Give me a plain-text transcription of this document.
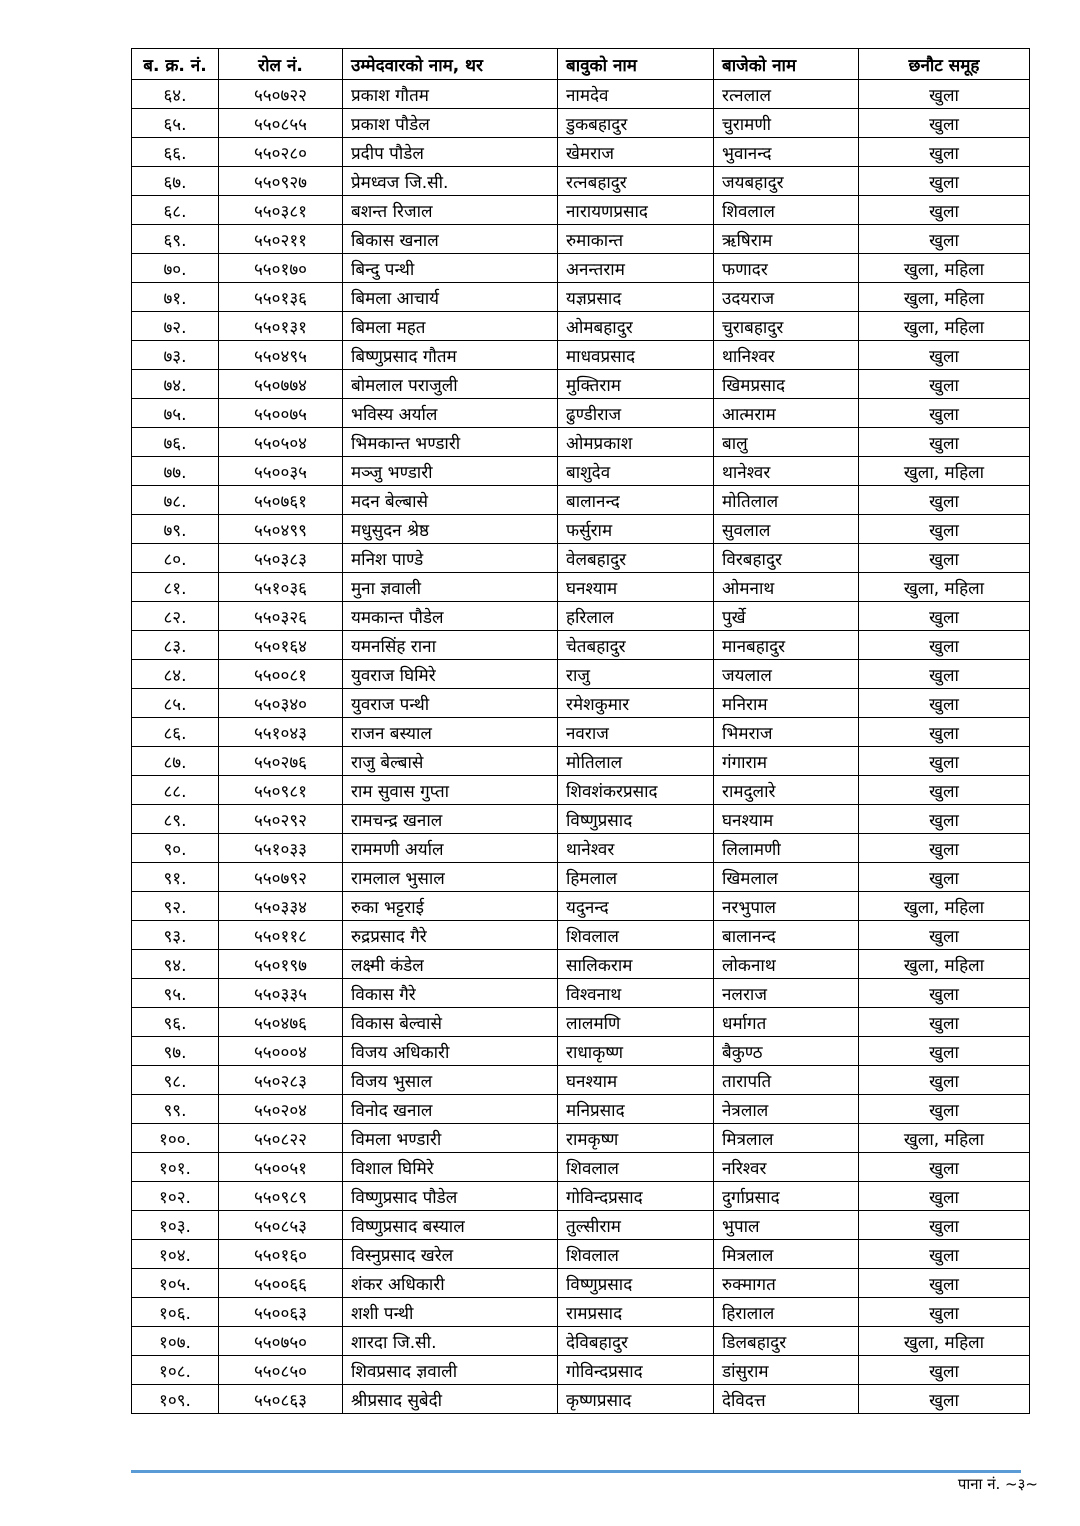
ब. क्र. नं.	रोल नं.	उम्मेदवारको नाम, थर	बावुको नाम	बाजेको नाम	छनौट समूह
६४.	५५०७२२	प्रकाश गौतम	नामदेव	रत्नलाल	खुला
६५.	५५०८५५	प्रकाश पौडेल	डुकबहादुर	चुरामणी	खुला
६६.	५५०२८०	प्रदीप पौडेल	खेमराज	भुवानन्द	खुला
६७.	५५०९२७	प्रेमध्वज जि.सी.	रत्नबहादुर	जयबहादुर	खुला
६८.	५५०३८१	बशन्त रिजाल	नारायणप्रसाद	शिवलाल	खुला
६९.	५५०२११	बिकास खनाल	रुमाकान्त	ऋषिराम	खुला
७०.	५५०१७०	बिन्दु पन्थी	अनन्तराम	फणादर	खुला, महिला
७१.	५५०१३६	बिमला आचार्य	यज्ञप्रसाद	उदयराज	खुला, महिला
७२.	५५०१३१	बिमला महत	ओमबहादुर	चुराबहादुर	खुला, महिला
७३.	५५०४९५	बिष्णुप्रसाद गौतम	माधवप्रसाद	थानिश्वर	खुला
७४.	५५०७७४	बोमलाल पराजुली	मुक्तिराम	खिमप्रसाद	खुला
७५.	५५००७५	भविस्य अर्याल	ढुण्डीराज	आत्मराम	खुला
७६.	५५०५०४	भिमकान्त भण्डारी	ओमप्रकाश	बालु	खुला
७७.	५५००३५	मञ्जु भण्डारी	बाशुदेव	थानेश्वर	खुला, महिला
७८.	५५०७६१	मदन बेल्बासे	बालानन्द	मोतिलाल	खुला
७९.	५५०४९९	मधुसुदन श्रेष्ठ	फर्सुराम	सुवलाल	खुला
८०.	५५०३८३	मनिश पाण्डे	वेलबहादुर	विरबहादुर	खुला
८१.	५५१०३६	मुना ज्ञवाली	घनश्याम	ओमनाथ	खुला, महिला
८२.	५५०३२६	यमकान्त पौडेल	हरिलाल	पुर्खे	खुला
८३.	५५०१६४	यमनसिंह राना	चेतबहादुर	मानबहादुर	खुला
८४.	५५००८१	युवराज घिमिरे	राजु	जयलाल	खुला
८५.	५५०३४०	युवराज पन्थी	रमेशकुमार	मनिराम	खुला
८६.	५५१०४३	राजन बस्याल	नवराज	भिमराज	खुला
८७.	५५०२७६	राजु बेल्बासे	मोतिलाल	गंगाराम	खुला
८८.	५५०९८१	राम सुवास गुप्ता	शिवशंकरप्रसाद	रामदुलारे	खुला
८९.	५५०२९२	रामचन्द्र खनाल	विष्णुप्रसाद	घनश्याम	खुला
९०.	५५१०३३	राममणी अर्याल	थानेश्वर	लिलामणी	खुला
९१.	५५०७९२	रामलाल भुसाल	हिमलाल	खिमलाल	खुला
९२.	५५०३३४	रुका भट्टराई	यदुनन्द	नरभुपाल	खुला, महिला
९३.	५५०११८	रुद्रप्रसाद गैरे	शिवलाल	बालानन्द	खुला
९४.	५५०१९७	लक्ष्मी कंडेल	सालिकराम	लोकनाथ	खुला, महिला
९५.	५५०३३५	विकास गैरे	विश्वनाथ	नलराज	खुला
९६.	५५०४७६	विकास बेल्वासे	लालमणि	धर्मागत	खुला
९७.	५५०००४	विजय अधिकारी	राधाकृष्ण	बैकुण्ठ	खुला
९८.	५५०२८३	विजय भुसाल	घनश्याम	तारापति	खुला
९९.	५५०२०४	विनोद खनाल	मनिप्रसाद	नेत्रलाल	खुला
१००.	५५०८२२	विमला भण्डारी	रामकृष्ण	मित्रलाल	खुला, महिला
१०१.	५५००५१	विशाल घिमिरे	शिवलाल	नरिश्वर	खुला
१०२.	५५०९८९	विष्णुप्रसाद पौडेल	गोविन्दप्रसाद	दुर्गाप्रसाद	खुला
१०३.	५५०८५३	विष्णुप्रसाद बस्याल	तुल्सीराम	भुपाल	खुला
१०४.	५५०१६०	विस्नुप्रसाद खरेल	शिवलाल	मित्रलाल	खुला
१०५.	५५००६६	शंकर अधिकारी	विष्णुप्रसाद	रुक्मागत	खुला
१०६.	५५००६३	शशी पन्थी	रामप्रसाद	हिरालाल	खुला
१०७.	५५०७५०	शारदा जि.सी.	देविबहादुर	डिलबहादुर	खुला, महिला
१०८.	५५०८५०	शिवप्रसाद ज्ञवाली	गोविन्दप्रसाद	डांसुराम	खुला
१०९.	५५०८६३	श्रीप्रसाद सुबेदी	कृष्णप्रसाद	देविदत्त	खुला
पाना नं. ~३~
